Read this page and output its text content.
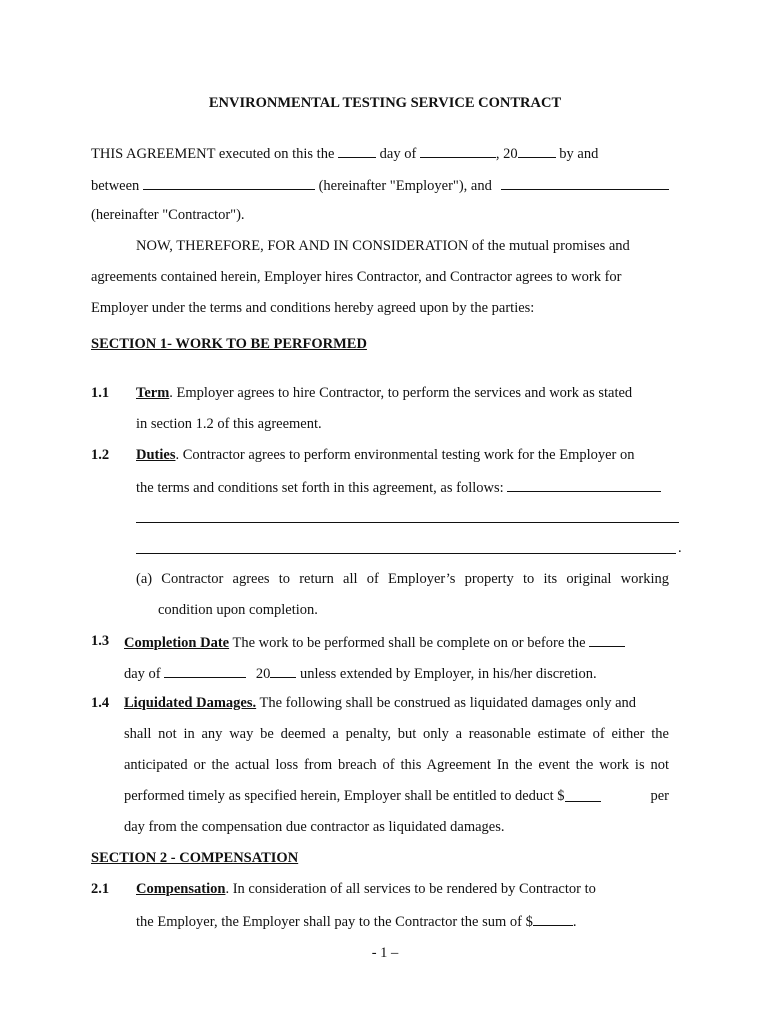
ENVIRONMENTAL TESTING SERVICE CONTRACT
THIS AGREEMENT executed on this the	day of	, 20	by and
between	(hereinafter "Employer"), and
(hereinafter "Contractor").
NOW, THEREFORE, FOR AND IN CONSIDERATION of the mutual promises and
agreements contained herein, Employer hires Contractor, and Contractor agrees to work for
Employer under the terms and conditions hereby agreed upon by the parties:
SECTION 1- WORK TO BE PERFORMED
1.1 Term. Employer agrees to hire Contractor, to perform the services and work as stated
in section 1.2 of this agreement.
1.2 Duties. Contractor agrees to perform environmental testing work for the Employer on
the terms and conditions set forth in this agreement, as follows:
.
(a) Contractor agrees to return all of Employer’s property to its original working
condition upon completion.
1.3 Completion Date The work to be performed shall be complete on or before the
day of	20 unless extended by Employer, in his/her discretion.
1.4 Liquidated Damages. The following shall be construed as liquidated damages only and
shall not in any way be deemed a penalty, but only a reasonable estimate of either the
anticipated or the actual loss from breach of this Agreement In the event the work is not
performed timely as specified herein, Employer shall be entitled to deduct $	per
day from the compensation due contractor as liquidated damages.
SECTION 2 - COMPENSATION
2.1 Compensation. In consideration of all services to be rendered by Contractor to
the Employer, the Employer shall pay to the Contractor the sum of $	.
- 1 –
